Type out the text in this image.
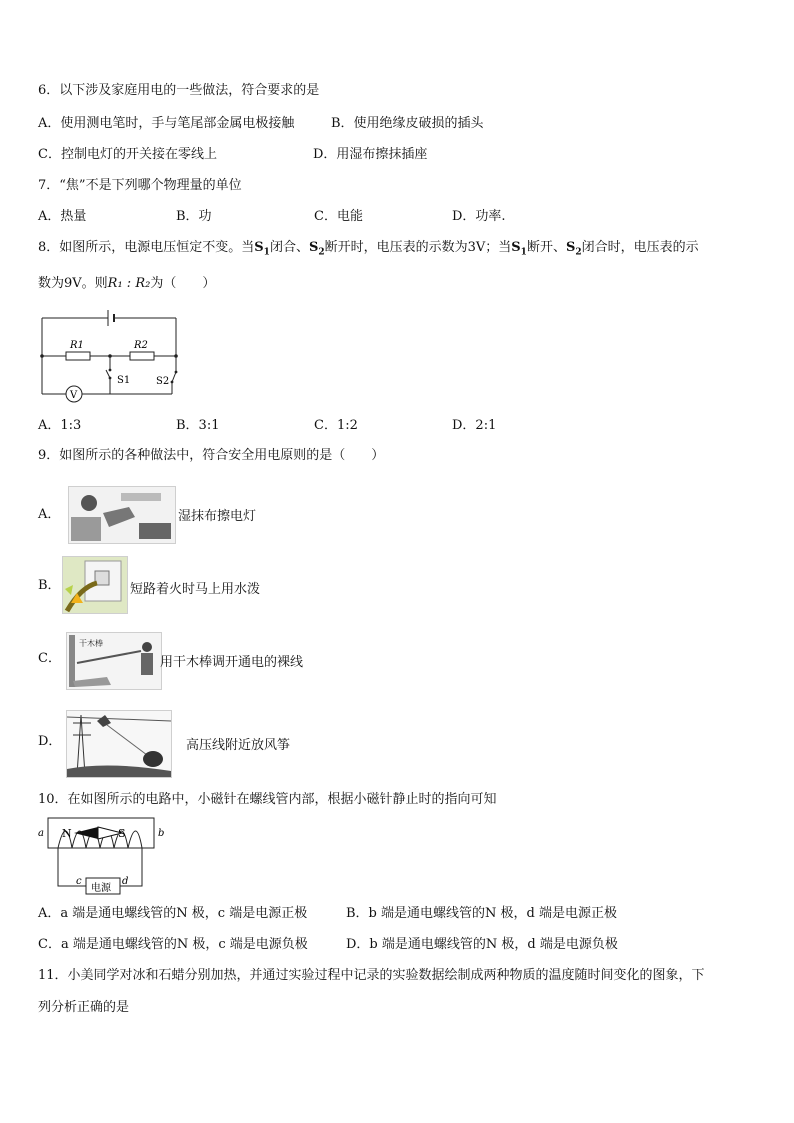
6．以下涉及家庭用电的一些做法，符合要求的是
A．使用测电笔时，手与笔尾部金属电极接触	B．使用绝缘皮破损的插头
C．控制电灯的开关接在零线上	D．用湿布擦抹插座
7．“焦”不是下列哪个物理量的单位
A．热量	B．功	C．电能	D．功率.
8．如图所示，电源电压恒定不变。当$S_1$闭合、$S_2$断开时，电压表的示数为3V；当$S_1$断开、$S_2$闭合时，电压表的示
数为9V。则R₁ : R₂为（　　）
R1	R2
S1	S2
V
A．1:3	B．3:1	C．1:2	D．2:1
9．如图所示的各种做法中，符合安全用电原则的是（　　）
A．	湿抹布擦电灯
B．	短路着火时马上用水泼
C．
干木棒
用干木棒调开通电的裸线
D．	高压线附近放风筝
10．在如图所示的电路中，小磁针在螺线管内部，根据小磁针静止时的指向可知
N	S
a	b
c	d
电源
A．a 端是通电螺线管的N 极，c 端是电源正极	B．b 端是通电螺线管的N 极，d 端是电源正极
C．a 端是通电螺线管的N 极，c 端是电源负极	D．b 端是通电螺线管的N 极，d 端是电源负极
11．小美同学对冰和石蜡分别加热，并通过实验过程中记录的实验数据绘制成两种物质的温度随时间变化的图象，下
列分析正确的是
